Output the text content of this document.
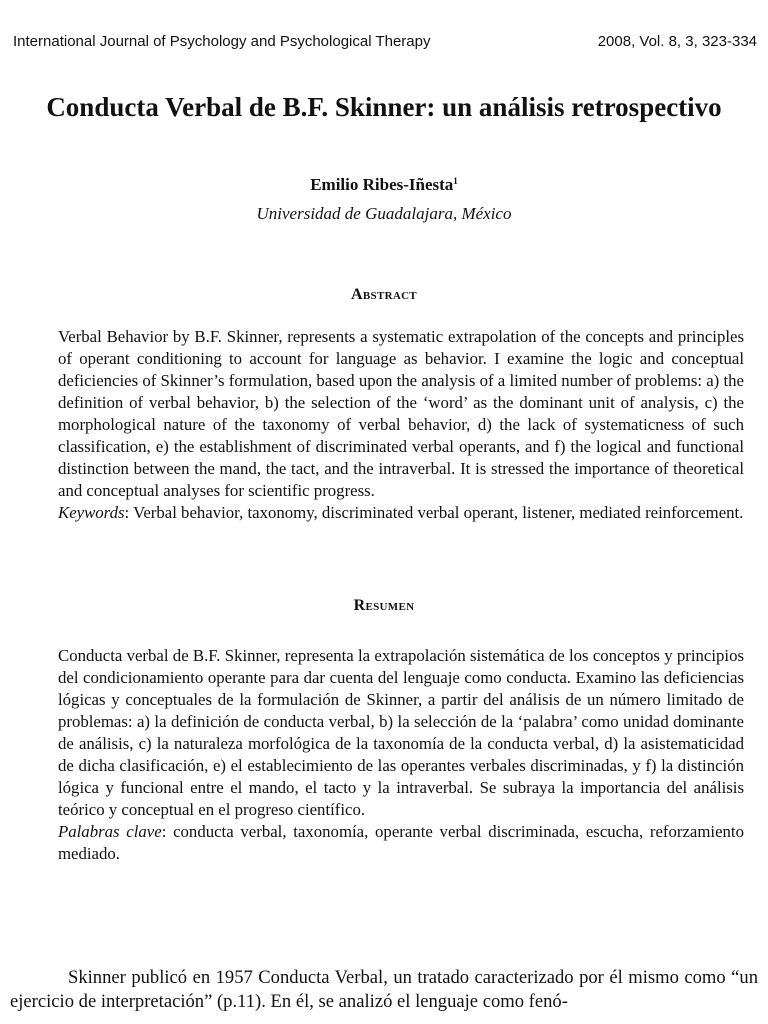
International Journal of Psychology and Psychological Therapy	2008, Vol. 8, 3, 323-334
Conducta Verbal de B.F. Skinner: un análisis retrospectivo
Emilio Ribes-Iñesta$^1$
Universidad de Guadalajara, México
Abstract

Verbal Behavior by B.F. Skinner, represents a systematic extrapolation of the concepts and principles of operant conditioning to account for language as behavior. I examine the logic and conceptual deficiencies of Skinner’s formulation, based upon the analysis of a limited number of problems: a) the definition of verbal behavior, b) the selection of the ‘word’ as the dominant unit of analysis, c) the morphological nature of the taxonomy of verbal behavior, d) the lack of systematicness of such classification, e) the establishment of discriminated verbal operants, and f) the logical and functional distinction between the mand, the tact, and the intraverbal. It is stressed the importance of theoretical and conceptual analyses for scientific progress.

Keywords: Verbal behavior, taxonomy, discriminated verbal operant, listener, mediated reinforcement.

Resumen

Conducta verbal de B.F. Skinner, representa la extrapolación sistemática de los conceptos y principios del condicionamiento operante para dar cuenta del lenguaje como conducta. Examino las deficiencias lógicas y conceptuales de la formulación de Skinner, a partir del análisis de un número limitado de problemas: a) la definición de conducta verbal, b) la selección de la ‘palabra’ como unidad dominante de análisis, c) la naturaleza morfológica de la taxonomía de la conducta verbal, d) la asistematicidad de dicha clasificación, e) el establecimiento de las operantes verbales discriminadas, y f) la distinción lógica y funcional entre el mando, el tacto y la intraverbal. Se subraya la importancia del análisis teórico y conceptual en el progreso científico.

Palabras clave: conducta verbal, taxonomía, operante verbal discriminada, escucha, reforzamiento mediado.

Skinner publicó en 1957 Conducta Verbal, un tratado caracterizado por él mismo como “un ejercicio de interpretación” (p.11). En él, se analizó el lenguaje como fenó-
